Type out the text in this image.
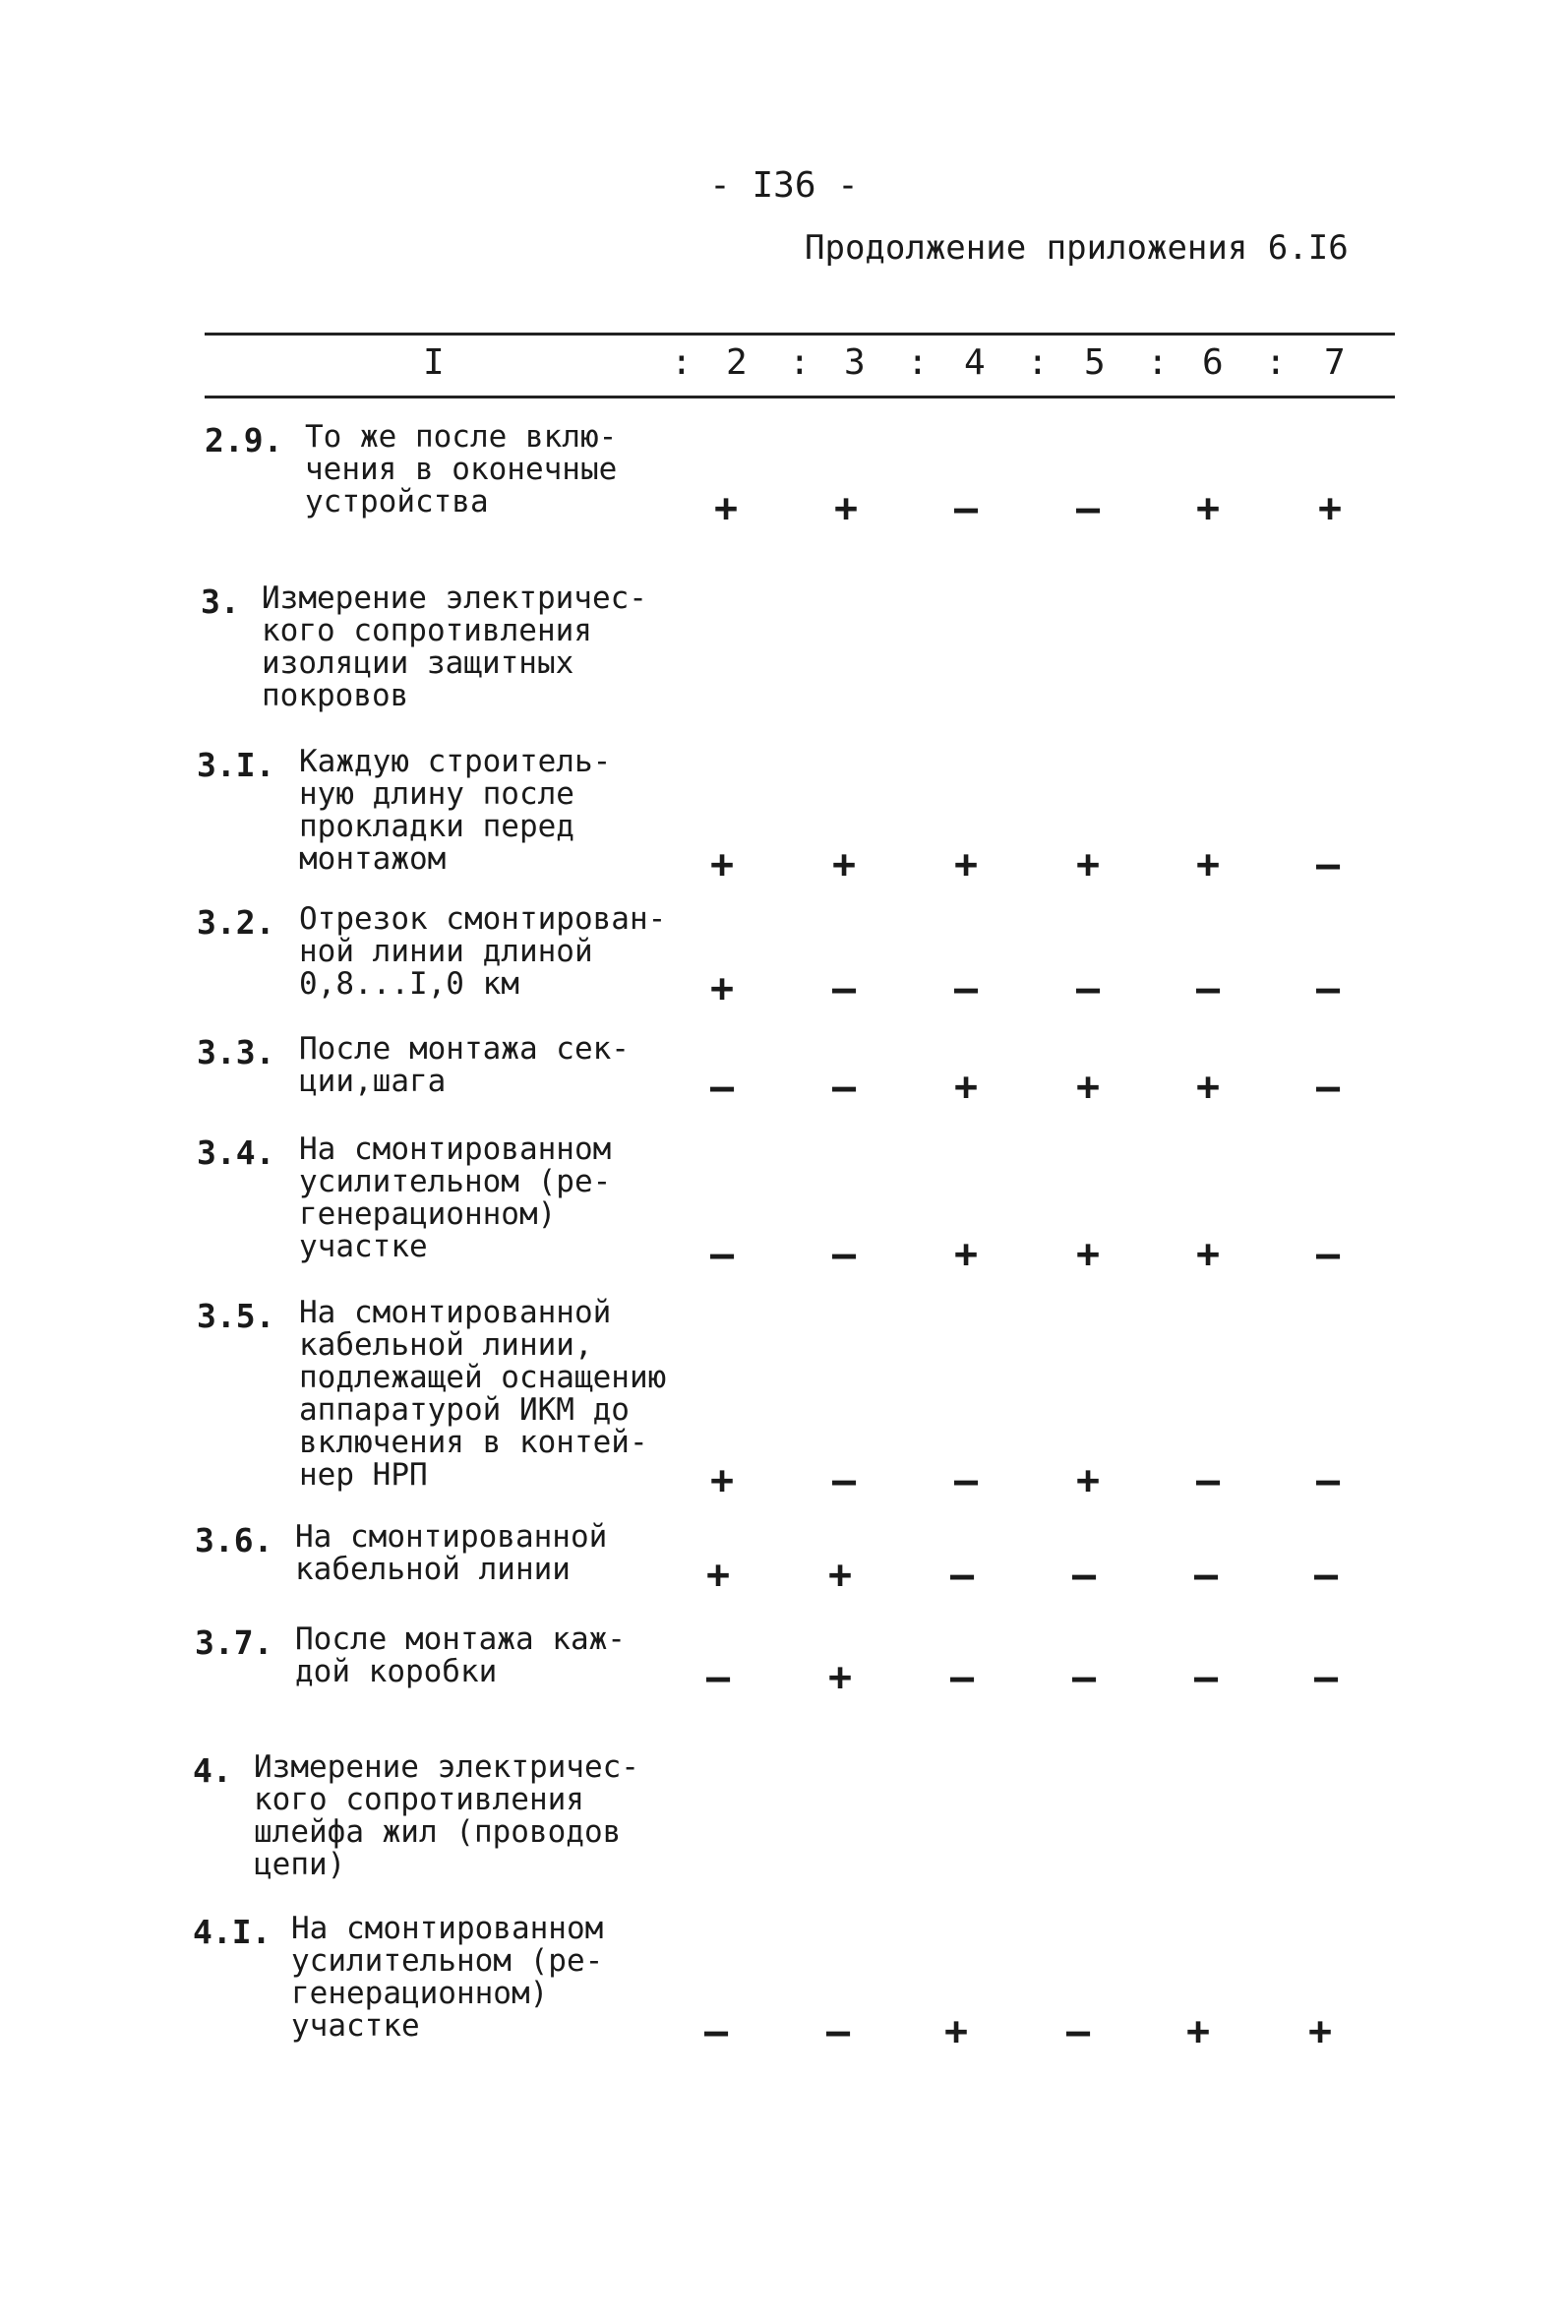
- I36 -
Продолжение приложения 6.I6
I	: 2 : 3 : 4 : 5 : 6 : 7
2.9. То же после вклю-
чения в оконечные
устройства	+ + – – + +
3. Измерение электричес-
кого сопротивления
изоляции защитных
покровов
3.I. Каждую строитель-
ную длину после
прокладки перед
монтажом	+ + + + + –
3.2. Отрезок смонтирован-
ной линии длиной
0,8...I,0 км	+ – – – – –
3.3. После монтажа сек-
ции,шага	– – + + + –
3.4. На смонтированном
усилительном (ре-
генерационном)
участке	– – + + + –
3.5. На смонтированной
кабельной линии,
подлежащей оснащению
аппаратурой ИКМ до
включения в контей-
нер НРП	+ – – + – –
3.6. На смонтированной
кабельной линии	+ + – – – –
3.7. После монтажа каж-
дой коробки	– + – – – –
4. Измерение электричес-
кого сопротивления
шлейфа жил (проводов
цепи)
4.I. На смонтированном
усилительном (ре-
генерационном)
участке	– – + – + +
